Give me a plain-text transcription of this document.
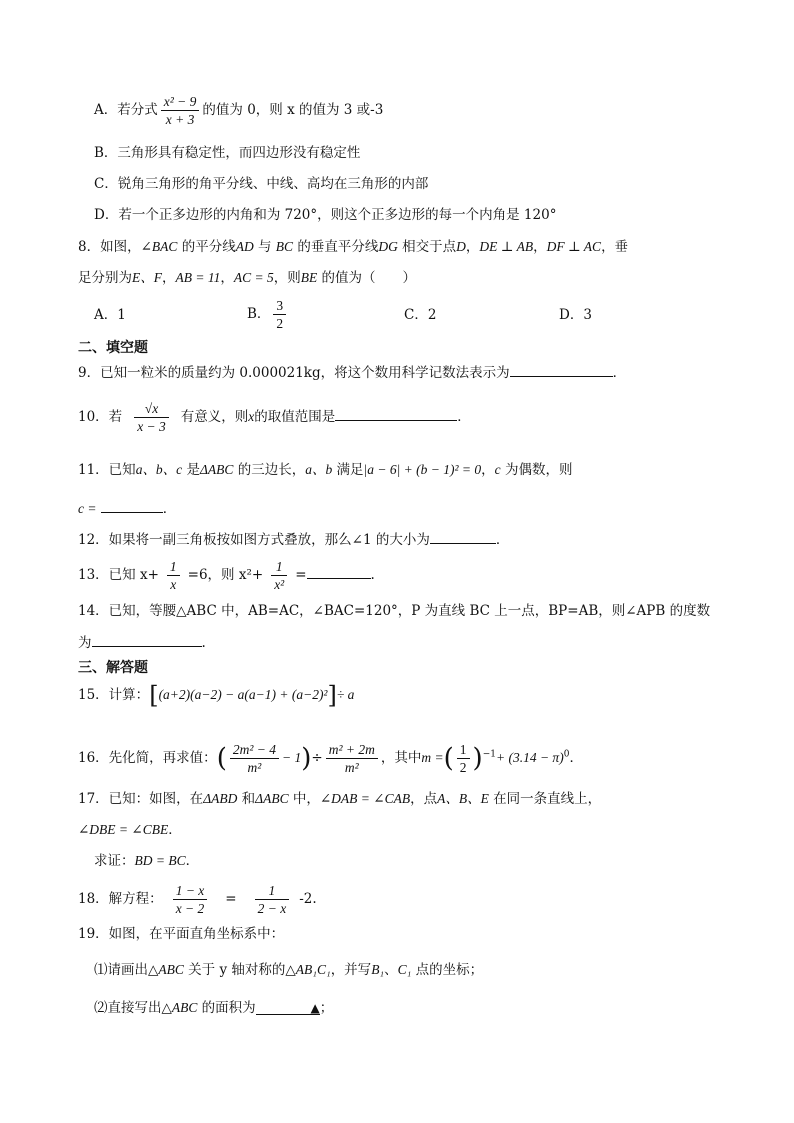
A．若分式 $\frac{\text{x² − 9}}{x + 3}$ 的值为 0，则 x 的值为 3 或-3
B．三角形具有稳定性，而四边形没有稳定性
C．锐角三角形的角平分线、中线、高均在三角形的内部
D．若一个正多边形的内角和为 720°，则这个正多边形的每一个内角是 120°
8．如图，∠BAC 的平分线AD 与 BC 的垂直平分线DG 相交于点D，DE ⊥ AB，DF ⊥ AC，垂
足分别为E、F，AB = 11，AC = 5，则BE 的值为（　　）
A．1	B． $\frac{3}{2}$	C．2	D．3
二、填空题
9．已知一粒米的质量约为 0.000021kg，将这个数用科学记数法表示为	．
10．若 $\frac{√x}{x - 3}$ 有意义，则x的取值范围是	．
11．已知a、b、c 是ΔABC 的三边长，a、b 满足|a − 6| + (b − 1)² = 0，c 为偶数，则
c =	．
12．如果将一副三角板按如图方式叠放，那么∠1 的大小为	．
13．已知 $x+ \frac{1}{x} =6$，则 $x^2+ \frac{1}{\text{x²}}$ =	.
14．已知，等腰△ABC 中，AB=AC，∠BAC=120°，P 为直线 BC 上一点，BP=AB，则∠APB 的度数
为	.
三、解答题
15．计算：[(a+2)(a−2) − a(a−1) + (a−2)²]÷ a
16．先化简，再求值：( $\frac{\text{2m² − 4}}{\text{m²}} - 1)\div \frac{\text{m² + 2m}}{\text{m²}}$ ，其中m =( $\frac{1}{2} )^{-1}+ (3.14 - \pi)^0$．
17．已知：如图，在ΔABD 和ΔABC 中，∠DAB = ∠CAB，点A、B、E 在同一条直线上，
∠DBE = ∠CBE．
求证：BD = BC．
18．解方程： $\frac{1 - x}{x - 2} = \frac{1}{2 - x} -2$.
19．如图，在平面直角坐标系中：
⑴请画出△ABC 关于 y 轴对称的△AB₁C₁，并写B₁、C₁ 点的坐标；
⑵直接写出△ABC 的面积为	▲；
